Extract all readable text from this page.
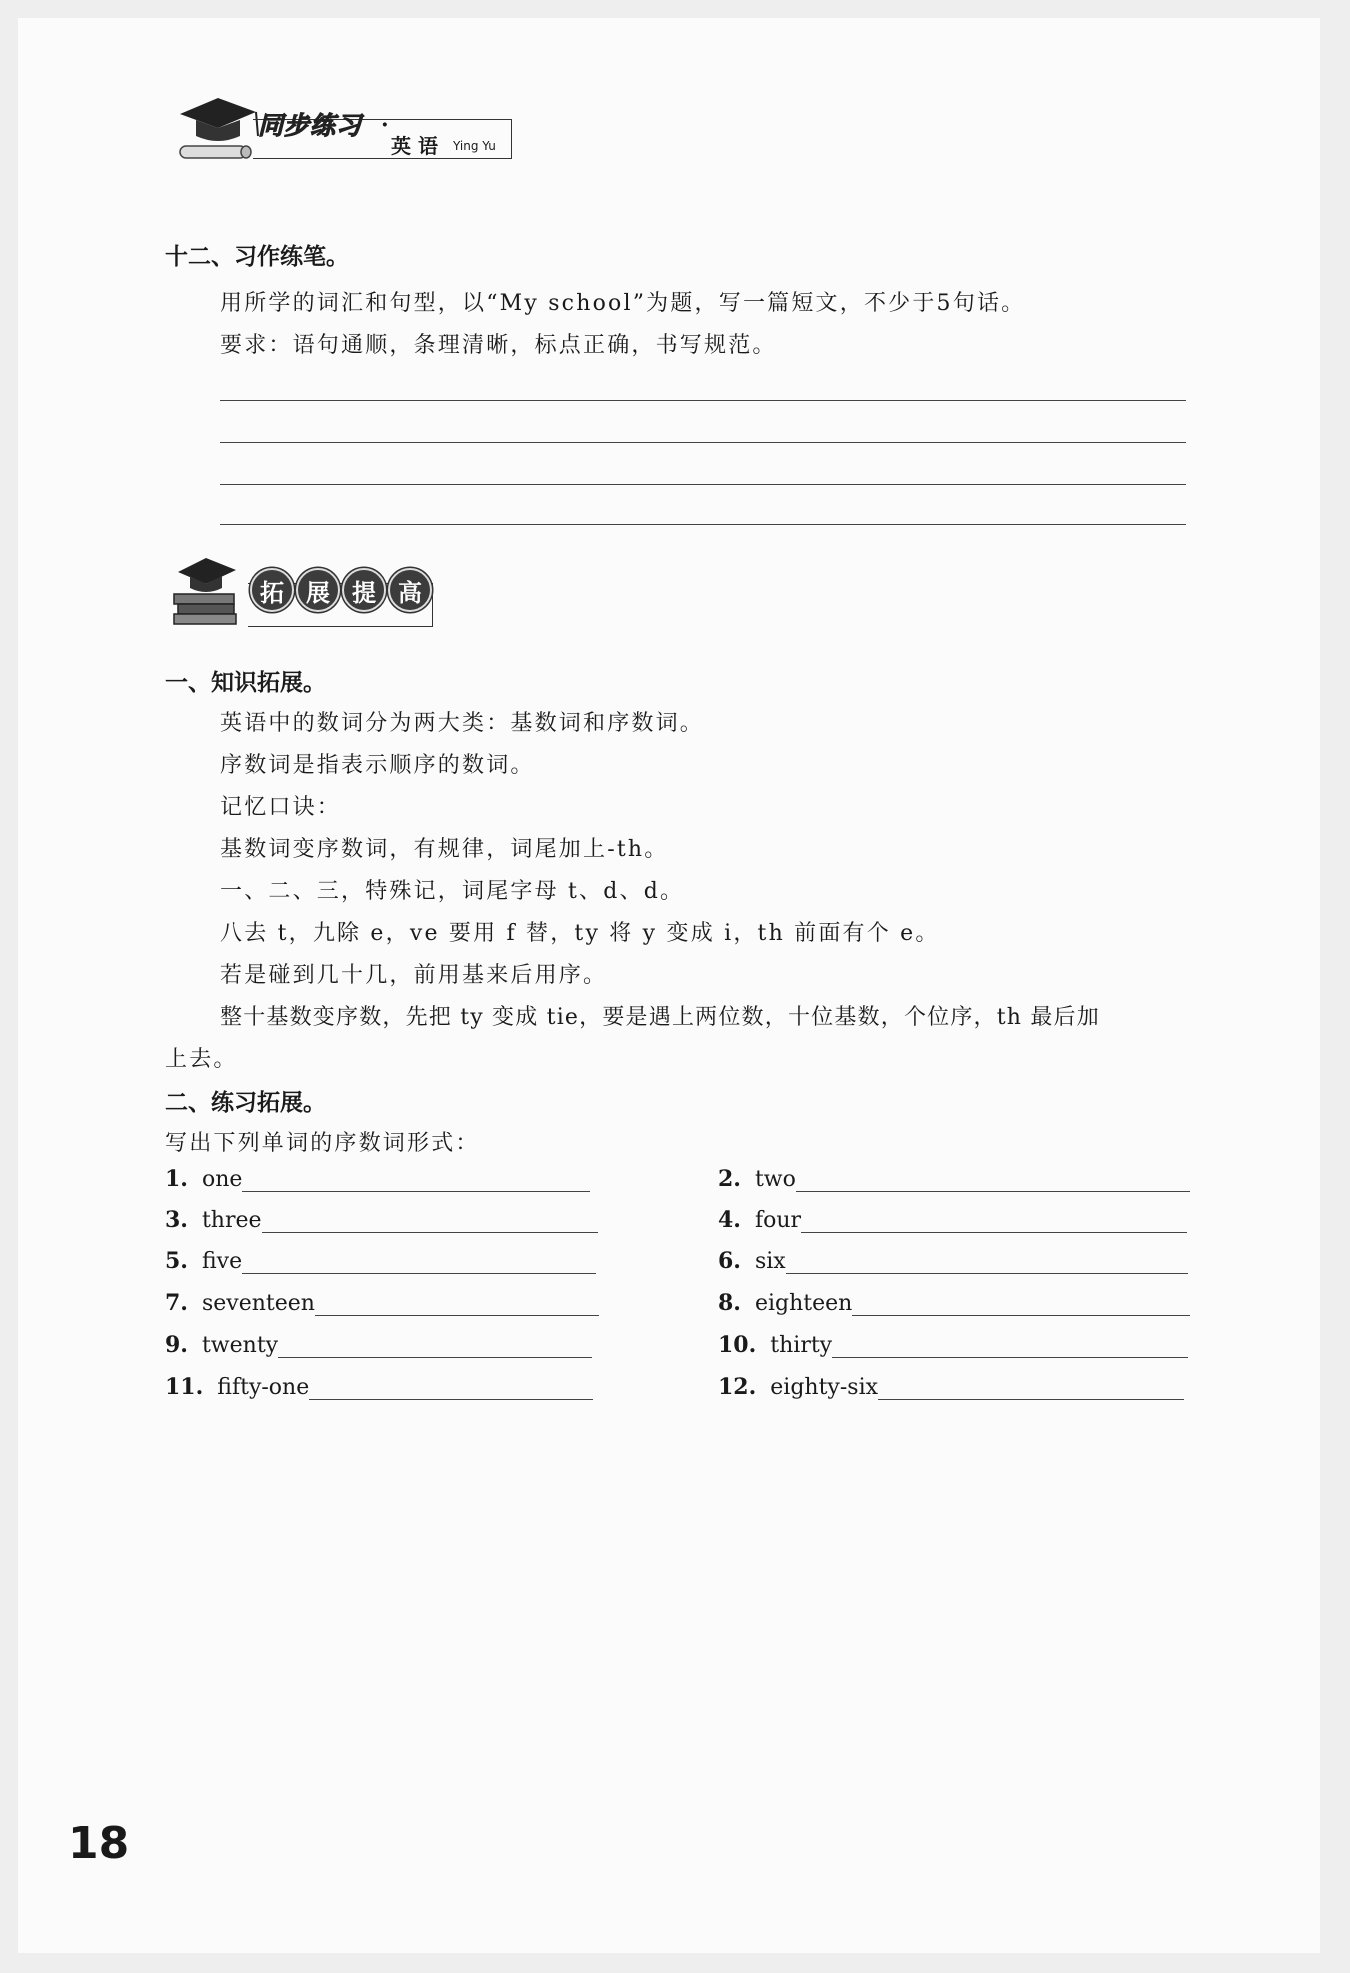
同步练习 ·
英 语 Ying Yu
十二、习作练笔。
用所学的词汇和句型，以“My school”为题，写一篇短文，不少于5句话。
要求：语句通顺，条理清晰，标点正确，书写规范。
拓 展 提 高
一、知识拓展。
英语中的数词分为两大类：基数词和序数词。
序数词是指表示顺序的数词。
记忆口诀：
基数词变序数词，有规律，词尾加上-th。
一、二、三，特殊记，词尾字母 t、d、d。
八去 t，九除 e，ve 要用 f 替，ty 将 y 变成 i，th 前面有个 e。
若是碰到几十几，前用基来后用序。
整十基数变序数，先把 ty 变成 tie，要是遇上两位数，十位基数，个位序，th 最后加
上去。
二、练习拓展。
写出下列单词的序数词形式：
1. one	2. two
3. three	4. four
5. five	6. six
7. seventeen	8. eighteen
9. twenty	10. thirty
11. fifty-one	12. eighty-six
18
